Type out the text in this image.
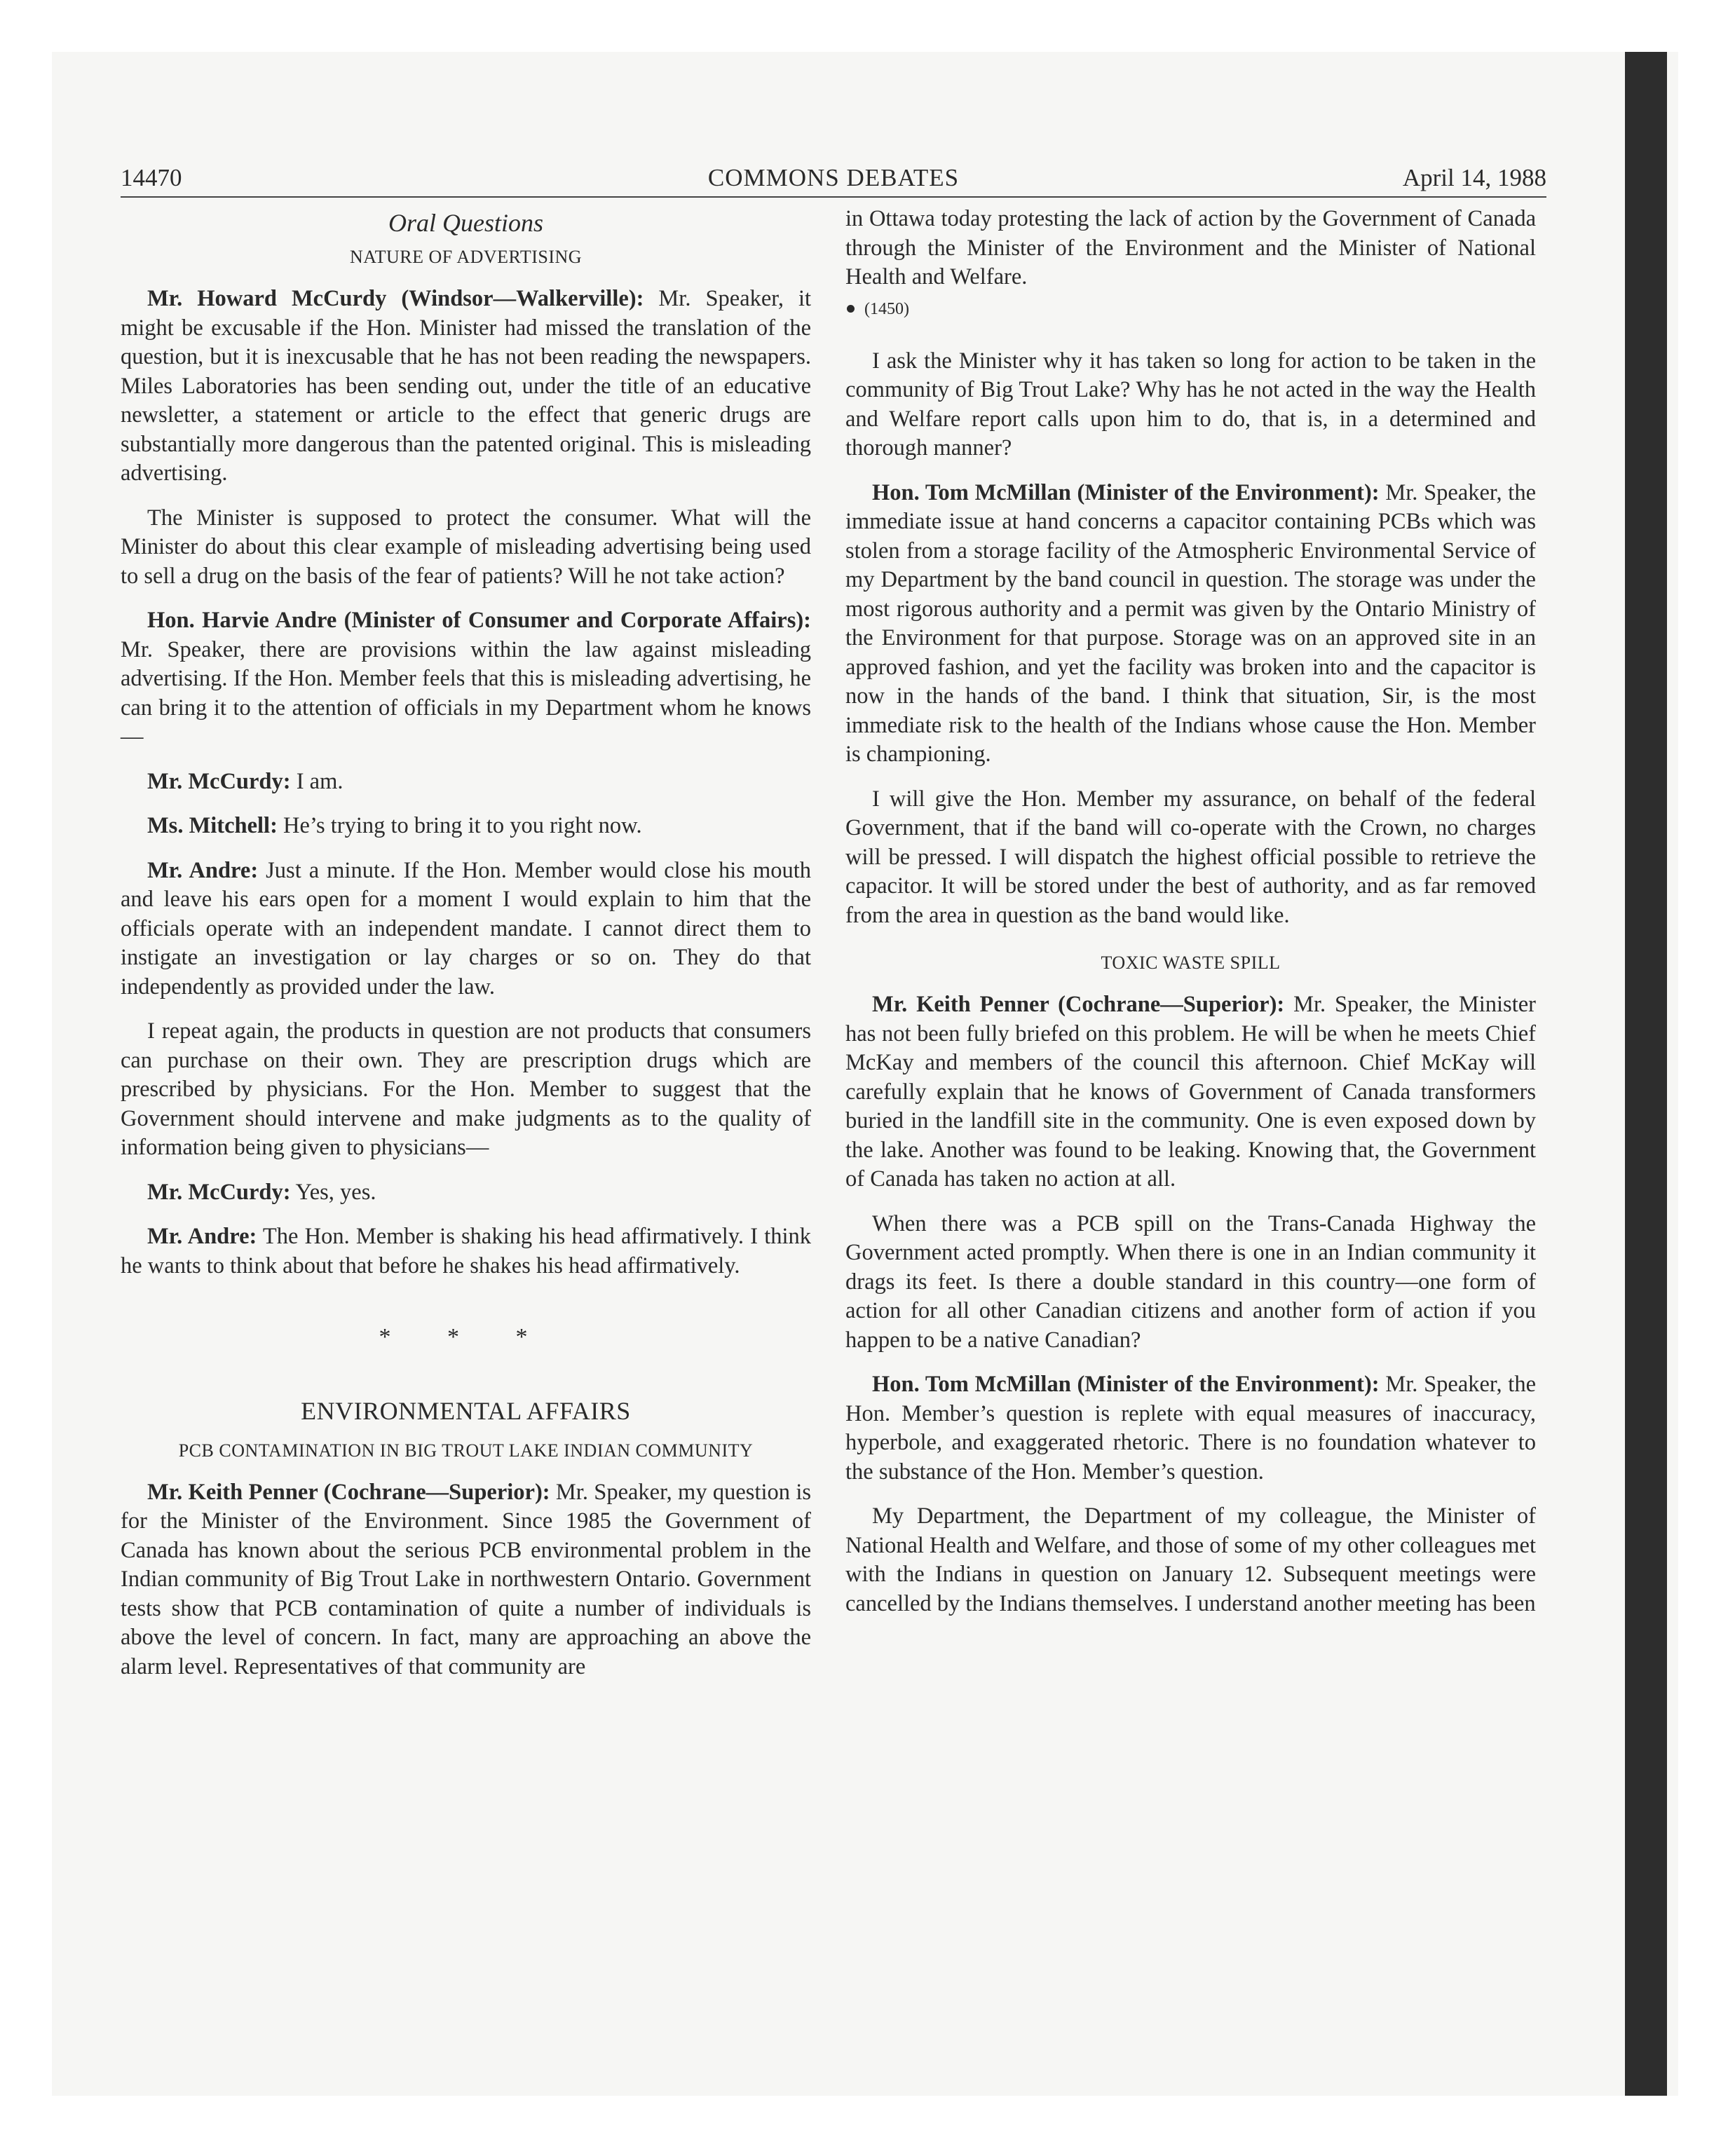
14470	COMMONS DEBATES	April 14, 1988
Oral Questions
NATURE OF ADVERTISING

Mr. Howard McCurdy (Windsor—Walkerville): Mr. Speaker, it might be excusable if the Hon. Minister had missed the translation of the question, but it is inexcusable that he has not been reading the newspapers. Miles Laboratories has been sending out, under the title of an educative newsletter, a statement or article to the effect that generic drugs are substantially more dangerous than the patented original. This is misleading advertising.

The Minister is supposed to protect the consumer. What will the Minister do about this clear example of misleading advertising being used to sell a drug on the basis of the fear of patients? Will he not take action?

Hon. Harvie Andre (Minister of Consumer and Corporate Affairs): Mr. Speaker, there are provisions within the law against misleading advertising. If the Hon. Member feels that this is misleading advertising, he can bring it to the attention of officials in my Department whom he knows—

Mr. McCurdy: I am.

Ms. Mitchell: He’s trying to bring it to you right now.

Mr. Andre: Just a minute. If the Hon. Member would close his mouth and leave his ears open for a moment I would explain to him that the officials operate with an independent mandate. I cannot direct them to instigate an investigation or lay charges or so on. They do that independently as provided under the law.

I repeat again, the products in question are not products that consumers can purchase on their own. They are prescription drugs which are prescribed by physicians. For the Hon. Member to suggest that the Government should intervene and make judgments as to the quality of information being given to physicians—

Mr. McCurdy: Yes, yes.

Mr. Andre: The Hon. Member is shaking his head affirmatively. I think he wants to think about that before he shakes his head affirmatively.

* * *
ENVIRONMENTAL AFFAIRS
PCB CONTAMINATION IN BIG TROUT LAKE INDIAN COMMUNITY

Mr. Keith Penner (Cochrane—Superior): Mr. Speaker, my question is for the Minister of the Environment. Since 1985 the Government of Canada has known about the serious PCB environmental problem in the Indian community of Big Trout Lake in northwestern Ontario. Government tests show that PCB contamination of quite a number of individuals is above the level of concern. In fact, many are approaching an above the alarm level. Representatives of that community are

in Ottawa today protesting the lack of action by the Government of Canada through the Minister of the Environment and the Minister of National Health and Welfare.

(1450)

I ask the Minister why it has taken so long for action to be taken in the community of Big Trout Lake? Why has he not acted in the way the Health and Welfare report calls upon him to do, that is, in a determined and thorough manner?

Hon. Tom McMillan (Minister of the Environment): Mr. Speaker, the immediate issue at hand concerns a capacitor containing PCBs which was stolen from a storage facility of the Atmospheric Environmental Service of my Department by the band council in question. The storage was under the most rigorous authority and a permit was given by the Ontario Ministry of the Environment for that purpose. Storage was on an approved site in an approved fashion, and yet the facility was broken into and the capacitor is now in the hands of the band. I think that situation, Sir, is the most immediate risk to the health of the Indians whose cause the Hon. Member is championing.

I will give the Hon. Member my assurance, on behalf of the federal Government, that if the band will co-operate with the Crown, no charges will be pressed. I will dispatch the highest official possible to retrieve the capacitor. It will be stored under the best of authority, and as far removed from the area in question as the band would like.

TOXIC WASTE SPILL

Mr. Keith Penner (Cochrane—Superior): Mr. Speaker, the Minister has not been fully briefed on this problem. He will be when he meets Chief McKay and members of the council this afternoon. Chief McKay will carefully explain that he knows of Government of Canada transformers buried in the landfill site in the community. One is even exposed down by the lake. Another was found to be leaking. Knowing that, the Government of Canada has taken no action at all.

When there was a PCB spill on the Trans-Canada Highway the Government acted promptly. When there is one in an Indian community it drags its feet. Is there a double standard in this country—one form of action for all other Canadian citizens and another form of action if you happen to be a native Canadian?

Hon. Tom McMillan (Minister of the Environment): Mr. Speaker, the Hon. Member’s question is replete with equal measures of inaccuracy, hyperbole, and exaggerated rhetoric. There is no foundation whatever to the substance of the Hon. Member’s question.

My Department, the Department of my colleague, the Minister of National Health and Welfare, and those of some of my other colleagues met with the Indians in question on January 12. Subsequent meetings were cancelled by the Indians themselves. I understand another meeting has been
